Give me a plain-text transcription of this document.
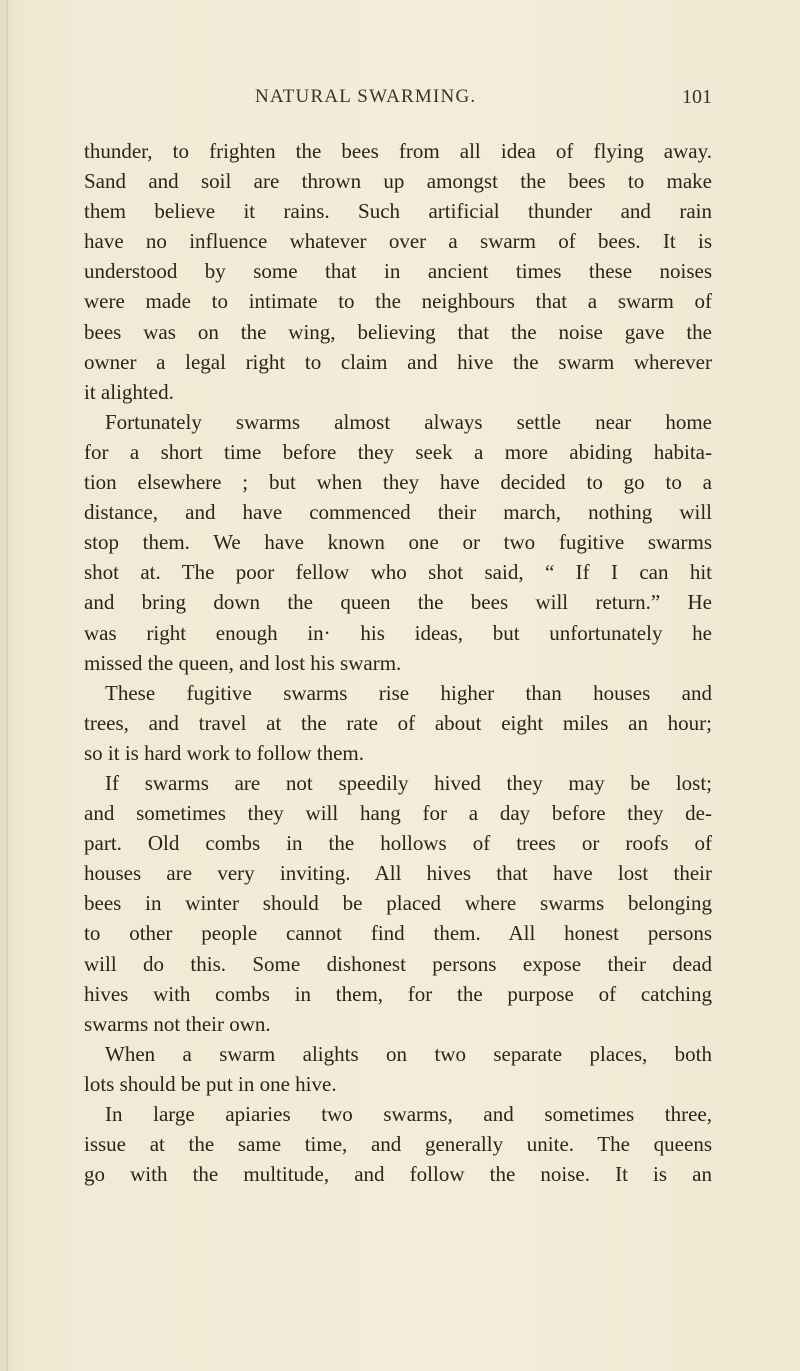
NATURAL SWARMING.	101
thunder, to frighten the bees from all idea of flying away.
Sand and soil are thrown up amongst the bees to make
them believe it rains. Such artificial thunder and rain
have no influence whatever over a swarm of bees. It is
understood by some that in ancient times these noises
were made to intimate to the neighbours that a swarm of
bees was on the wing, believing that the noise gave the
owner a legal right to claim and hive the swarm wherever
it alighted.
Fortunately swarms almost always settle near home
for a short time before they seek a more abiding habita-
tion elsewhere ; but when they have decided to go to a
distance, and have commenced their march, nothing will
stop them. We have known one or two fugitive swarms
shot at. The poor fellow who shot said, “ If I can hit
and bring down the queen the bees will return.” He
was right enough in· his ideas, but unfortunately he
missed the queen, and lost his swarm.
These fugitive swarms rise higher than houses and
trees, and travel at the rate of about eight miles an hour;
so it is hard work to follow them.
If swarms are not speedily hived they may be lost;
and sometimes they will hang for a day before they de-
part. Old combs in the hollows of trees or roofs of
houses are very inviting. All hives that have lost their
bees in winter should be placed where swarms belonging
to other people cannot find them. All honest persons
will do this. Some dishonest persons expose their dead
hives with combs in them, for the purpose of catching
swarms not their own.
When a swarm alights on two separate places, both
lots should be put in one hive.
In large apiaries two swarms, and sometimes three,
issue at the same time, and generally unite. The queens
go with the multitude, and follow the noise. It is an
